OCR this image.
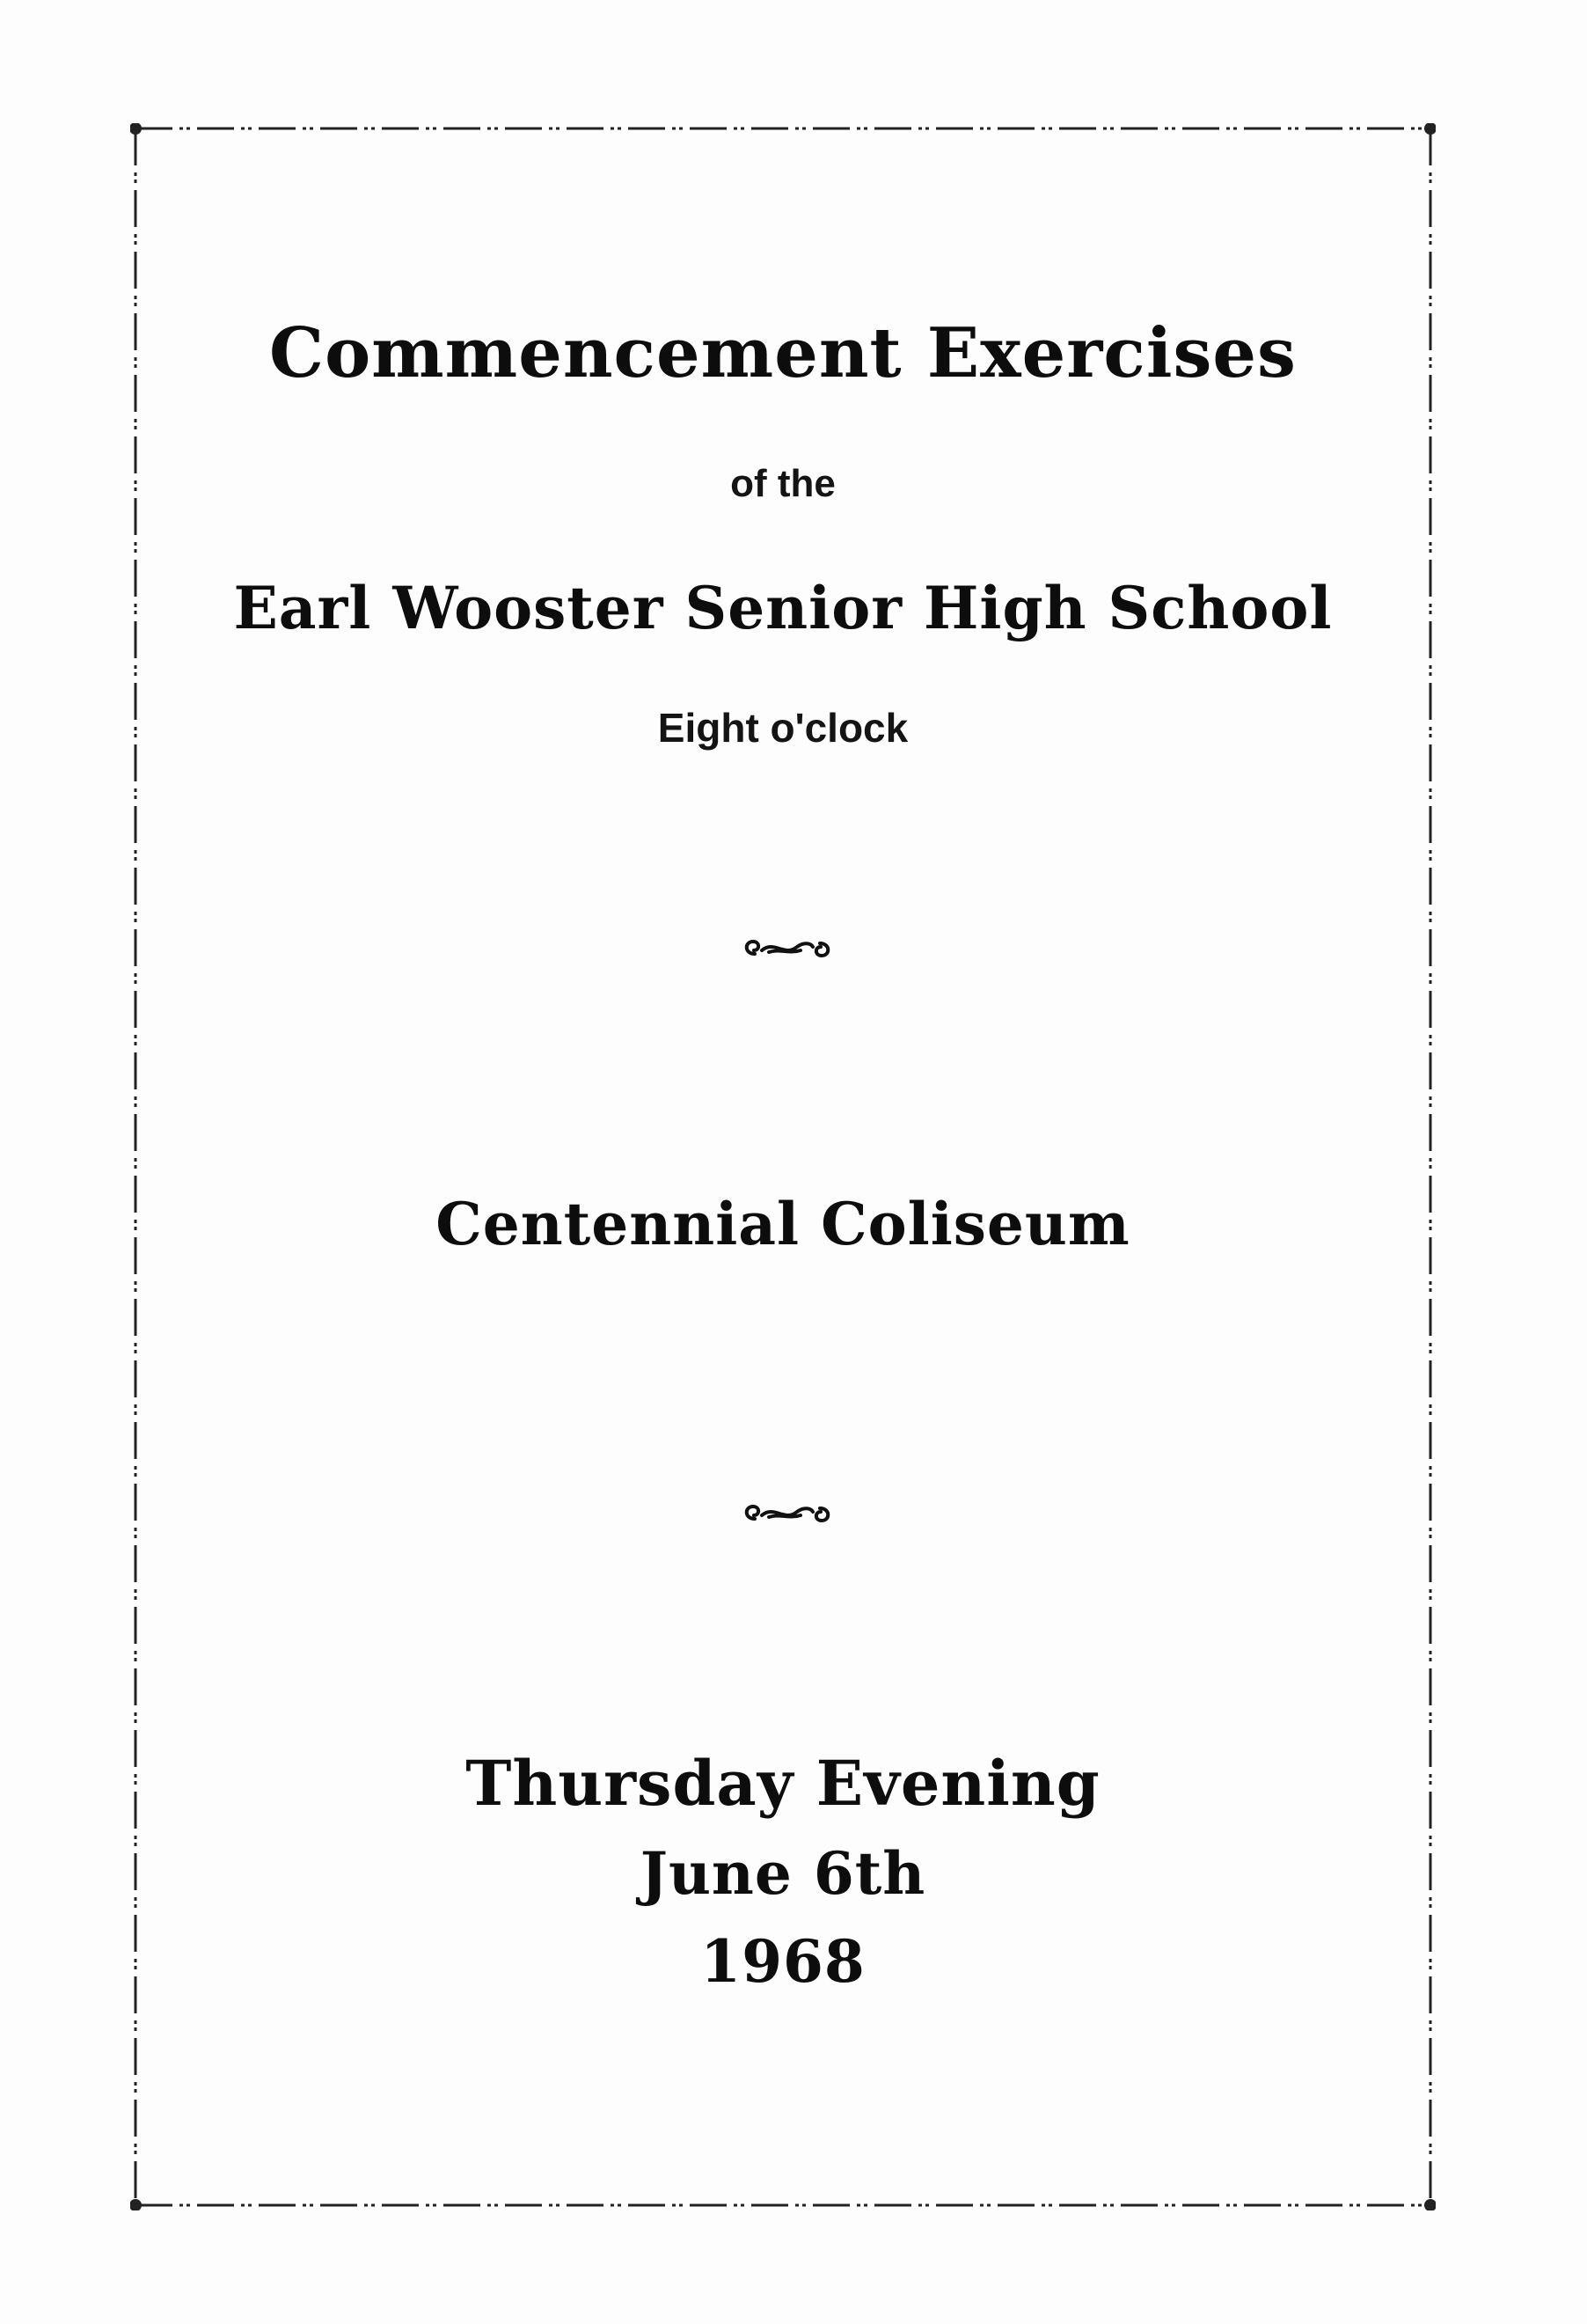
Commencement Exercises
of the
Earl Wooster Senior High School
Eight o'clock
Centennial Coliseum
Thursday Evening
June 6th
1968
